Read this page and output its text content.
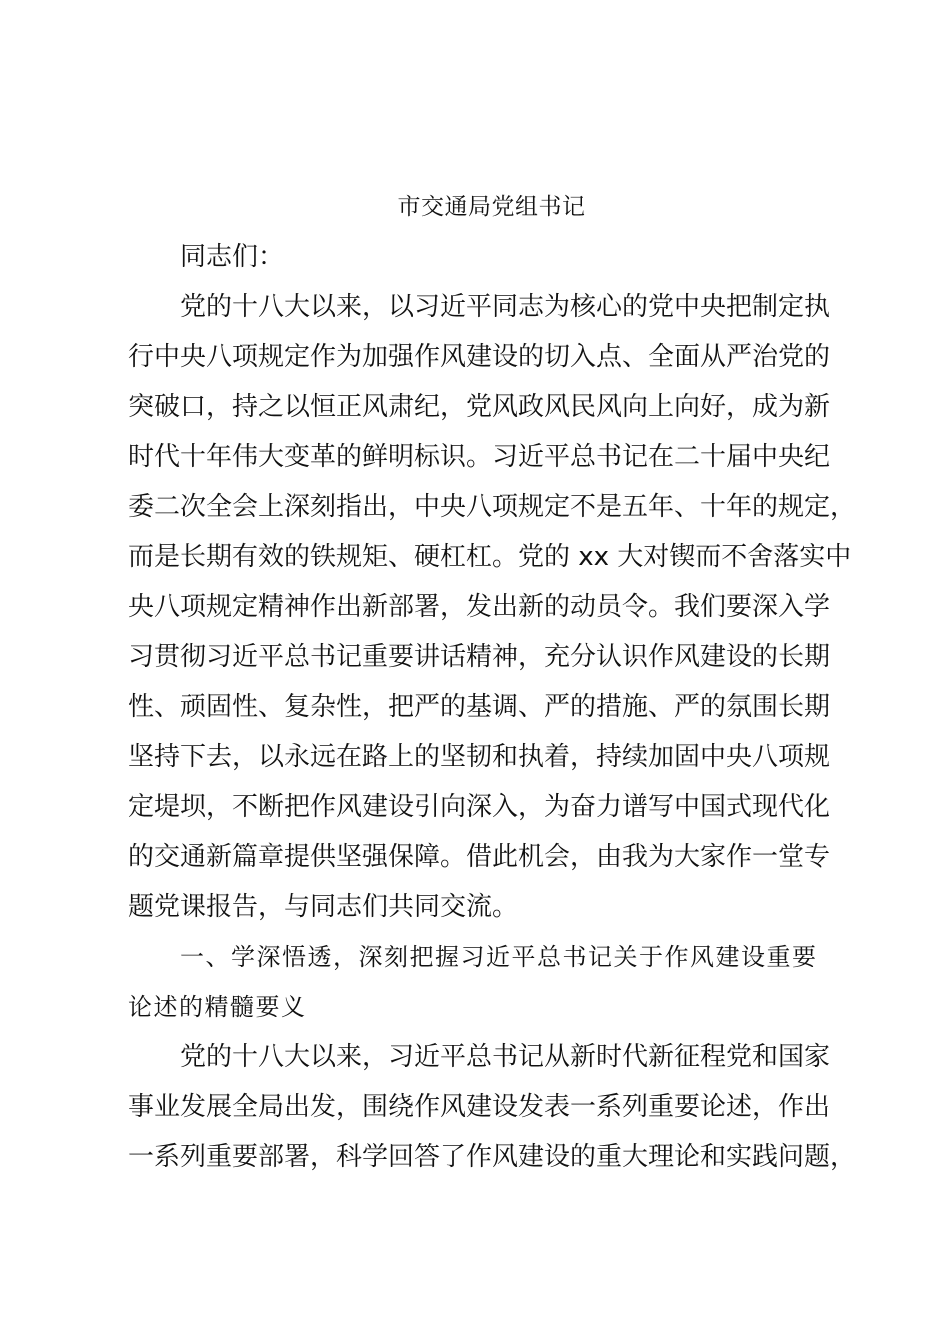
市交通局党组书记
同志们：
党的十八大以来，以习近平同志为核心的党中央把制定执
行中央八项规定作为加强作风建设的切入点、全面从严治党的
突破口，持之以恒正风肃纪，党风政风民风向上向好，成为新
时代十年伟大变革的鲜明标识。习近平总书记在二十届中央纪
委二次全会上深刻指出，中央八项规定不是五年、十年的规定，
而是长期有效的铁规矩、硬杠杠。党的 xx 大对锲而不舍落实中
央八项规定精神作出新部署，发出新的动员令。我们要深入学
习贯彻习近平总书记重要讲话精神，充分认识作风建设的长期
性、顽固性、复杂性，把严的基调、严的措施、严的氛围长期
坚持下去，以永远在路上的坚韧和执着，持续加固中央八项规
定堤坝，不断把作风建设引向深入，为奋力谱写中国式现代化
的交通新篇章提供坚强保障。借此机会，由我为大家作一堂专
题党课报告，与同志们共同交流。
一、学深悟透，深刻把握习近平总书记关于作风建设重要
论述的精髓要义
党的十八大以来，习近平总书记从新时代新征程党和国家
事业发展全局出发，围绕作风建设发表一系列重要论述，作出
一系列重要部署，科学回答了作风建设的重大理论和实践问题，
